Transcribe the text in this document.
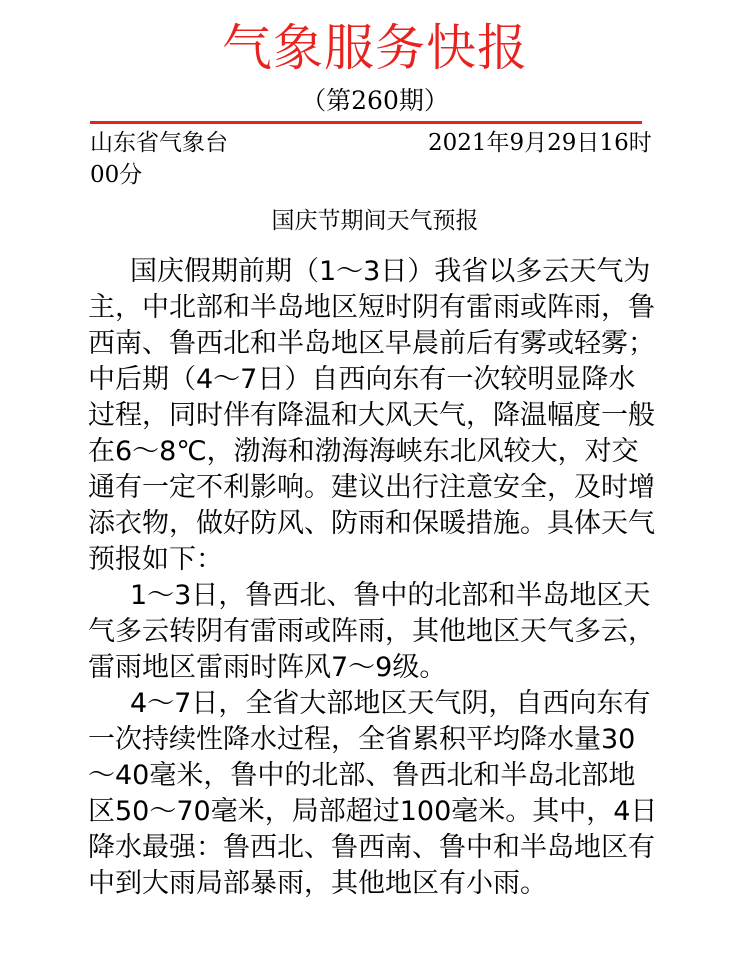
气象服务快报
（第260期）
山东省气象台	2021年9月29日16时00分
国庆节期间天气预报

国庆假期前期（1～3日）我省以多云天气为主，中北部和半岛地区短时阴有雷雨或阵雨，鲁西南、鲁西北和半岛地区早晨前后有雾或轻雾；中后期（4～7日）自西向东有一次较明显降水过程，同时伴有降温和大风天气，降温幅度一般在6～8℃，渤海和渤海海峡东北风较大，对交通有一定不利影响。建议出行注意安全，及时增添衣物，做好防风、防雨和保暖措施。具体天气预报如下：

1～3日，鲁西北、鲁中的北部和半岛地区天气多云转阴有雷雨或阵雨，其他地区天气多云，雷雨地区雷雨时阵风7～9级。

4～7日，全省大部地区天气阴，自西向东有一次持续性降水过程，全省累积平均降水量30～40毫米，鲁中的北部、鲁西北和半岛北部地区50～70毫米，局部超过100毫米。其中，4日降水最强：鲁西北、鲁西南、鲁中和半岛地区有中到大雨局部暴雨，其他地区有小雨。
